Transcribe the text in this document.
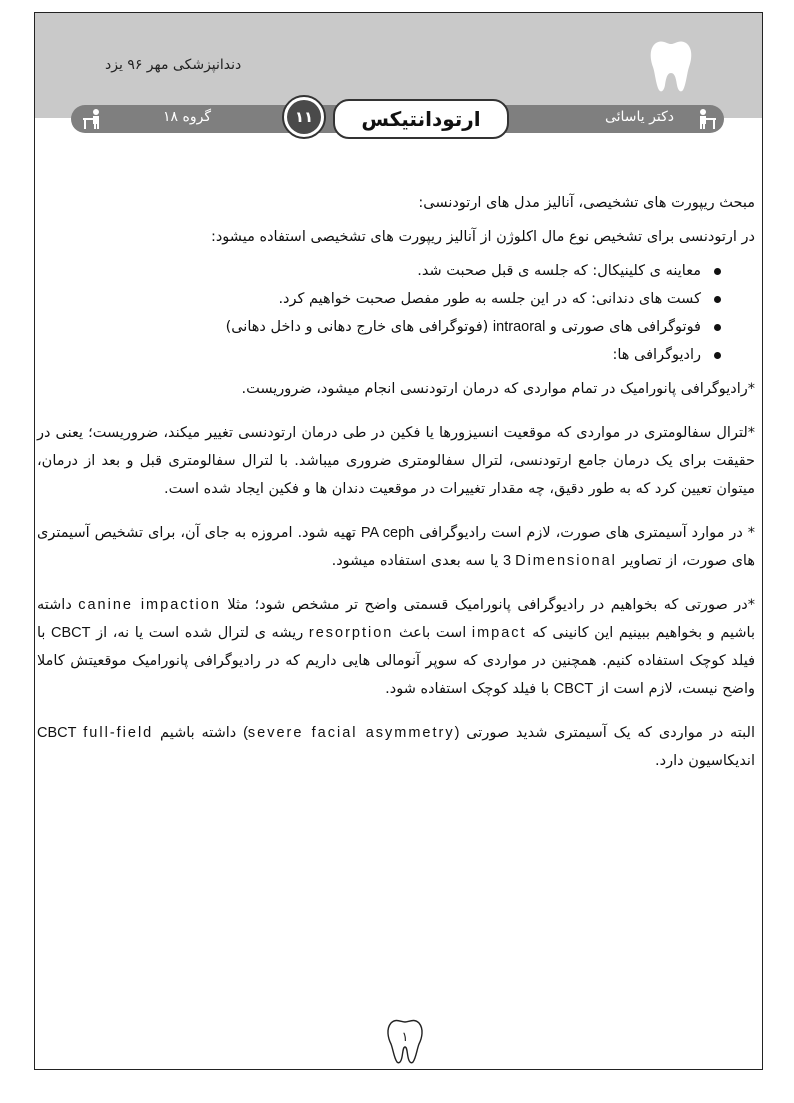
دندانپزشکی مهر ۹۶ یزد
گروه ۱۸	دکتر یاسائی
۱۱	ارتودانتیکس

مبحث ریپورت های تشخیصی، آنالیز مدل های ارتودنسی:

در ارتودنسی برای تشخیص نوع مال اکلوژن از آنالیز ریپورت های تشخیصی استفاده میشود:

معاینه ی کلینیکال: که جلسه ی قبل صحبت شد.
کست های دندانی: که در این جلسه به طور مفصل صحبت خواهیم کرد.
فوتوگرافی های صورتی و intraoral (فوتوگرافی های خارج دهانی و داخل دهانی)
رادیوگرافی ها:

*رادیوگرافی پانورامیک در تمام مواردی که درمان ارتودنسی انجام میشود، ضروریست.

*لترال سفالومتری در مواردی که موقعیت انسیزورها یا فکین در طی درمان ارتودنسی تغییر میکند، ضروریست؛ یعنی در حقیقت برای یک درمان جامع ارتودنسی، لترال سفالومتری ضروری میباشد. با لترال سفالومتری قبل و بعد از درمان، میتوان تعیین کرد که به طور دقیق، چه مقدار تغییرات در موقعیت دندان ها و فکین ایجاد شده است.

* در موارد آسیمتری های صورت، لازم است رادیوگرافی PA ceph تهیه شود. امروزه به جای آن، برای تشخیص آسیمتری های صورت، از تصاویر 3 Dimensional یا سه بعدی استفاده میشود.

*در صورتی که بخواهیم در رادیوگرافی پانورامیک قسمتی واضح تر مشخص شود؛ مثلا canine impaction داشته باشیم و بخواهیم ببینیم این کانینی که impact است باعث resorption ریشه ی لترال شده است یا نه، از CBCT با فیلد کوچک استفاده کنیم. همچنین در مواردی که سوپر آنومالی هایی داریم که در رادیوگرافی پانورامیک موقعیتش کاملا واضح نیست، لازم است از CBCT با فیلد کوچک استفاده شود.

البته در مواردی که یک آسیمتری شدید صورتی (severe facial asymmetry) داشته باشیم full-field CBCT اندیکاسیون دارد.

۱
